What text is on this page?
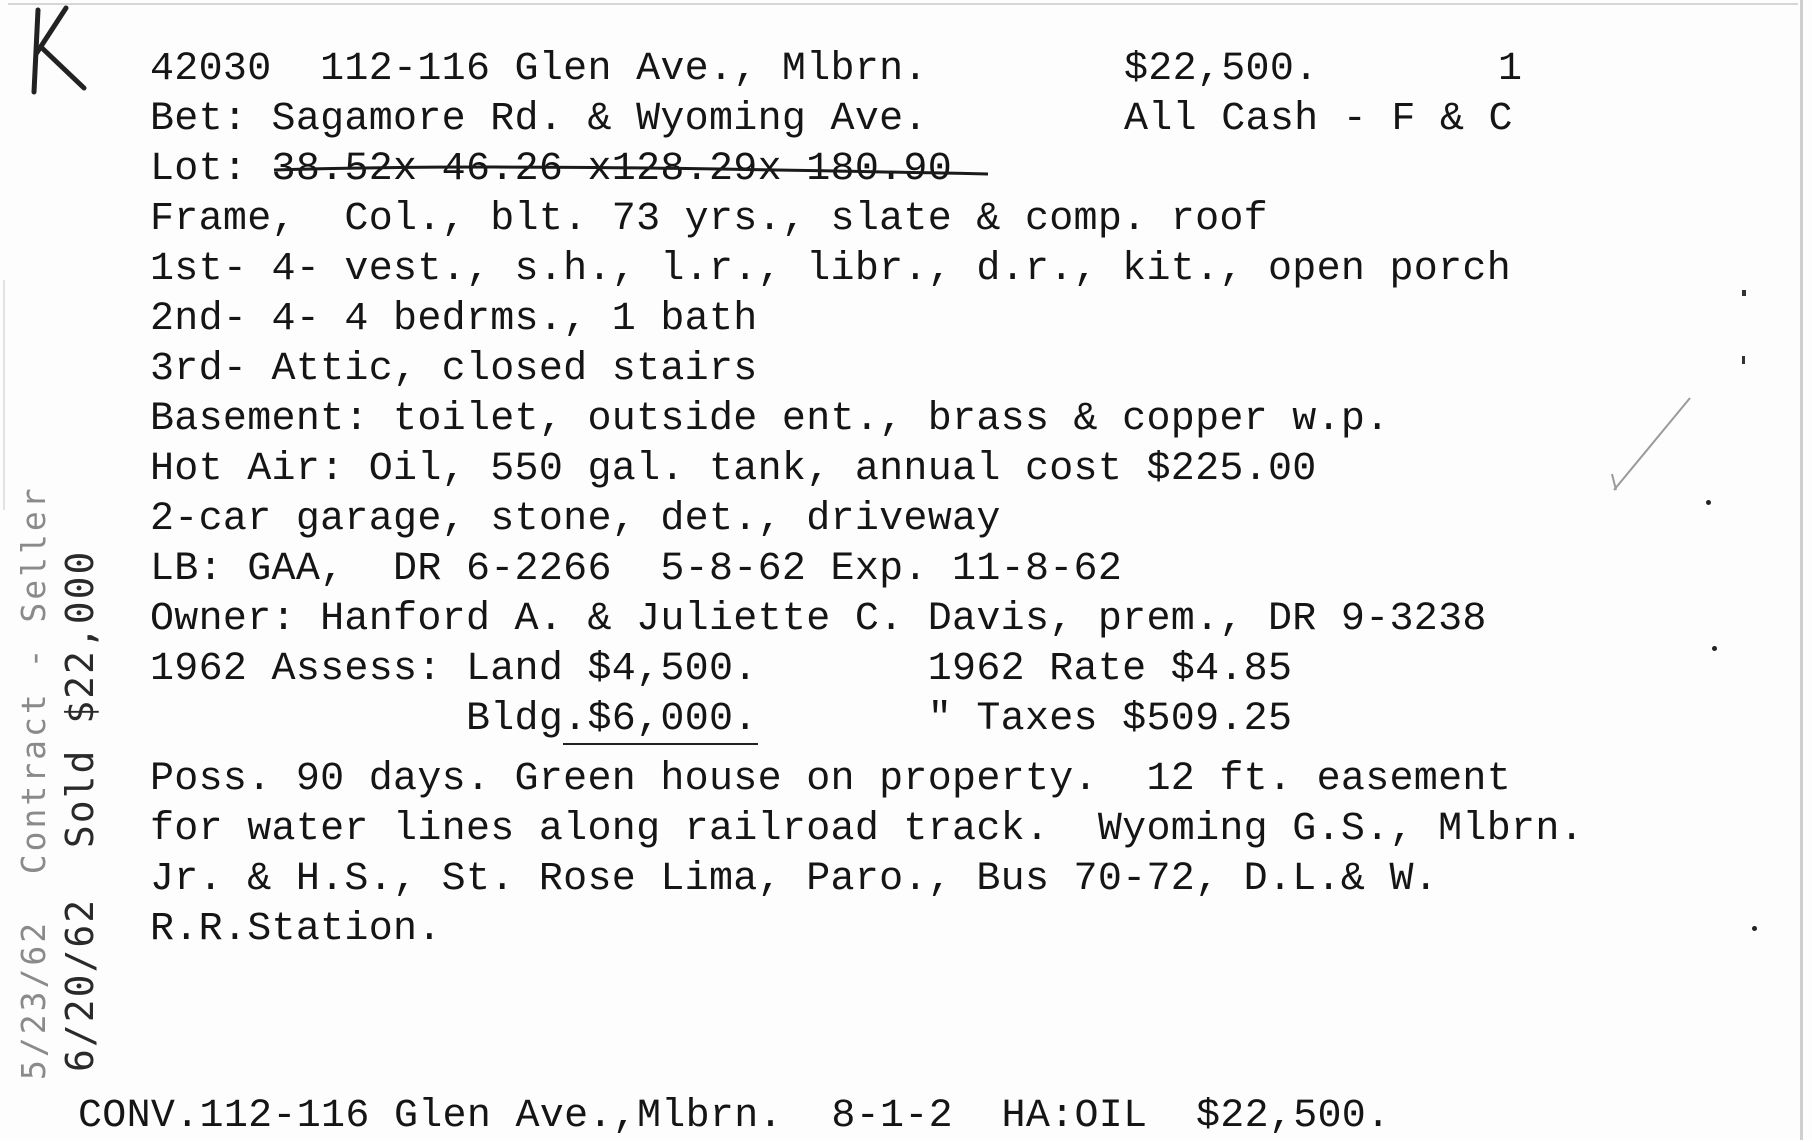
42030  112-116 Glen Ave., Mlbrn.	$22,500.	1
Bet: Sagamore Rd. & Wyoming Ave.	All Cash - F & C
Lot: 38.52x 46.26 x128.29x 180.90
Frame,  Col., blt. 73 yrs., slate & comp. roof
1st- 4- vest., s.h., l.r., libr., d.r., kit., open porch
2nd- 4- 4 bedrms., 1 bath
3rd- Attic, closed stairs
Basement: toilet, outside ent., brass & copper w.p.
Hot Air: Oil, 550 gal. tank, annual cost $225.00
2-car garage, stone, det., driveway
LB: GAA,  DR 6-2266  5-8-62 Exp. 11-8-62
Owner: Hanford A. & Juliette C. Davis, prem., DR 9-3238
1962 Assess: Land $4,500.       1962 Rate $4.85
Bldg.$6,000.       " Taxes $509.25
Poss. 90 days. Green house on property.  12 ft. easement
for water lines along railroad track.  Wyoming G.S., Mlbrn.
Jr. & H.S., St. Rose Lima, Paro., Bus 70-72, D.L.& W.
R.R.Station.
CONV.112-116 Glen Ave.,Mlbrn.  8-1-2  HA:OIL  $22,500.
5/23/62  Contract - Seller 6/20/62  Sold $22,000
